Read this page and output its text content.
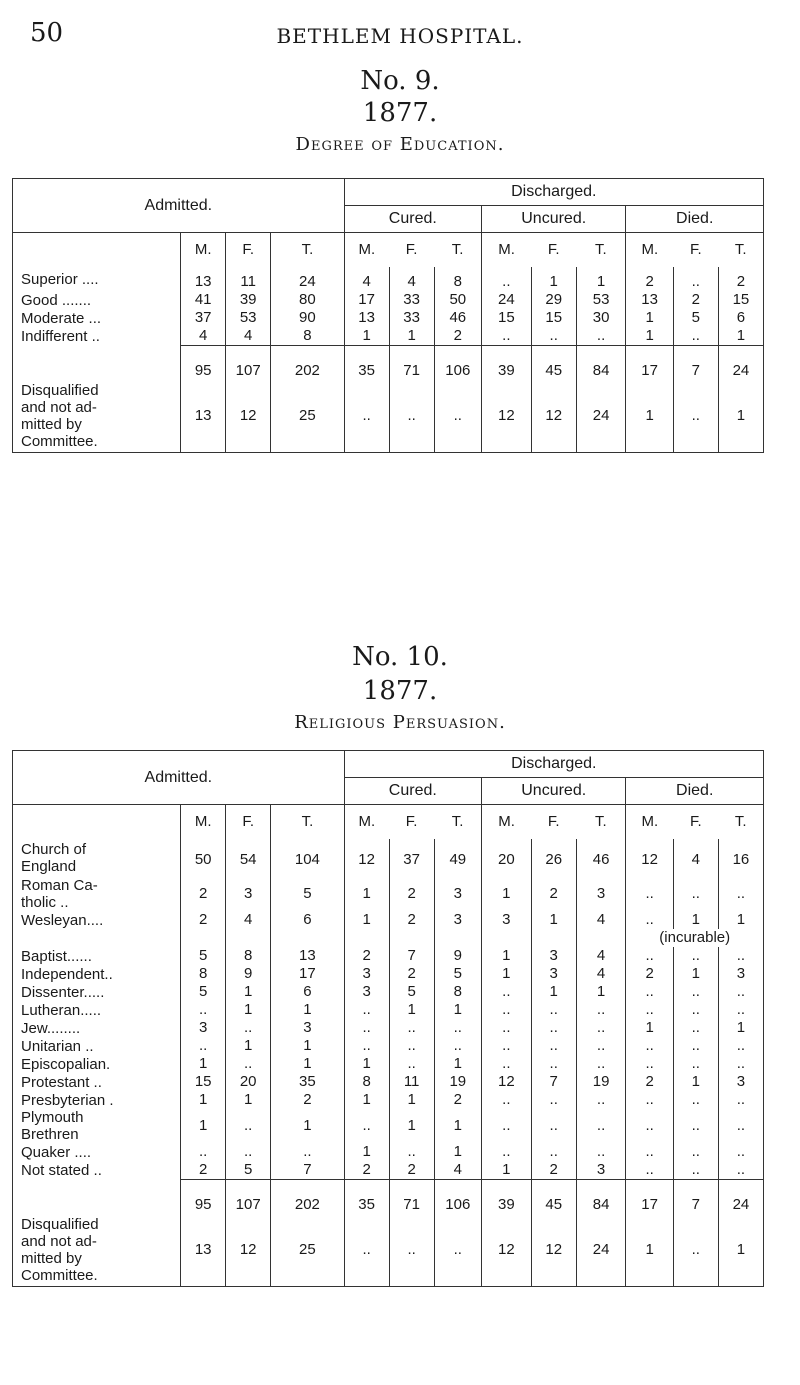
50	BETHLEM HOSPITAL.
No. 9.
1877.
Degree of Education.
Admitted.				Discharged.								
				Cured.			Uncured.			Died.		
	M.	F.	T.	M.	F.	T.	M.	F.	T.	M.	F.	T.

Superior ....	13	11	24	4	4	8	..	1	1	2	..	2

Good .......	41	39	80	17	33	50	24	29	53	13	2	15

Moderate ...	37	53	90	13	33	46	15	15	30	1	5	6

Indifferent ..	4	4	8	1	1	2	..	..	..	1	..	1
	95	107	202	35	71	106	39	45	84	17	7	24

Disqualified
and not ad-
mitted by
Committee.	13	12	25	..	..	..	12	12	24	1	..	1
No. 10.
1877.
Religious Persuasion.
Admitted.				Discharged.								
				Cured.			Uncured.			Died.		
	M.	F.	T.	M.	F.	T.	M.	F.	T.	M.	F.	T.

Church of
England	50	54	104	12	37	49	20	26	46	12	4	16

Roman Ca-
tholic ..	2	3	5	1	2	3	1	2	3	..	..	..

Wesleyan....	2	4	6	1	2	3	3	1	4	..	1	1
										(incurable)		

Baptist......	5	8	13	2	7	9	1	3	4	..	..	..

Independent..	8	9	17	3	2	5	1	3	4	2	1	3

Dissenter.....	5	1	6	3	5	8	..	1	1	..	..	..

Lutheran.....	..	1	1	..	1	1	..	..	..	..	..	..

Jew........	3	..	3	..	..	..	..	..	..	1	..	1

Unitarian ..	..	1	1	..	..	..	..	..	..	..	..	..

Episcopalian.	1	..	1	1	..	1	..	..	..	..	..	..

Protestant ..	15	20	35	8	11	19	12	7	19	2	1	3

Presbyterian .	1	1	2	1	1	2	..	..	..	..	..	..

Plymouth
Brethren	1	..	1	..	1	1	..	..	..	..	..	..

Quaker ....	..	..	..	1	..	1	..	..	..	..	..	..

Not stated ..	2	5	7	2	2	4	1	2	3	..	..	..
	95	107	202	35	71	106	39	45	84	17	7	24

Disqualified
and not ad-
mitted by
Committee.	13	12	25	..	..	..	12	12	24	1	..	1
